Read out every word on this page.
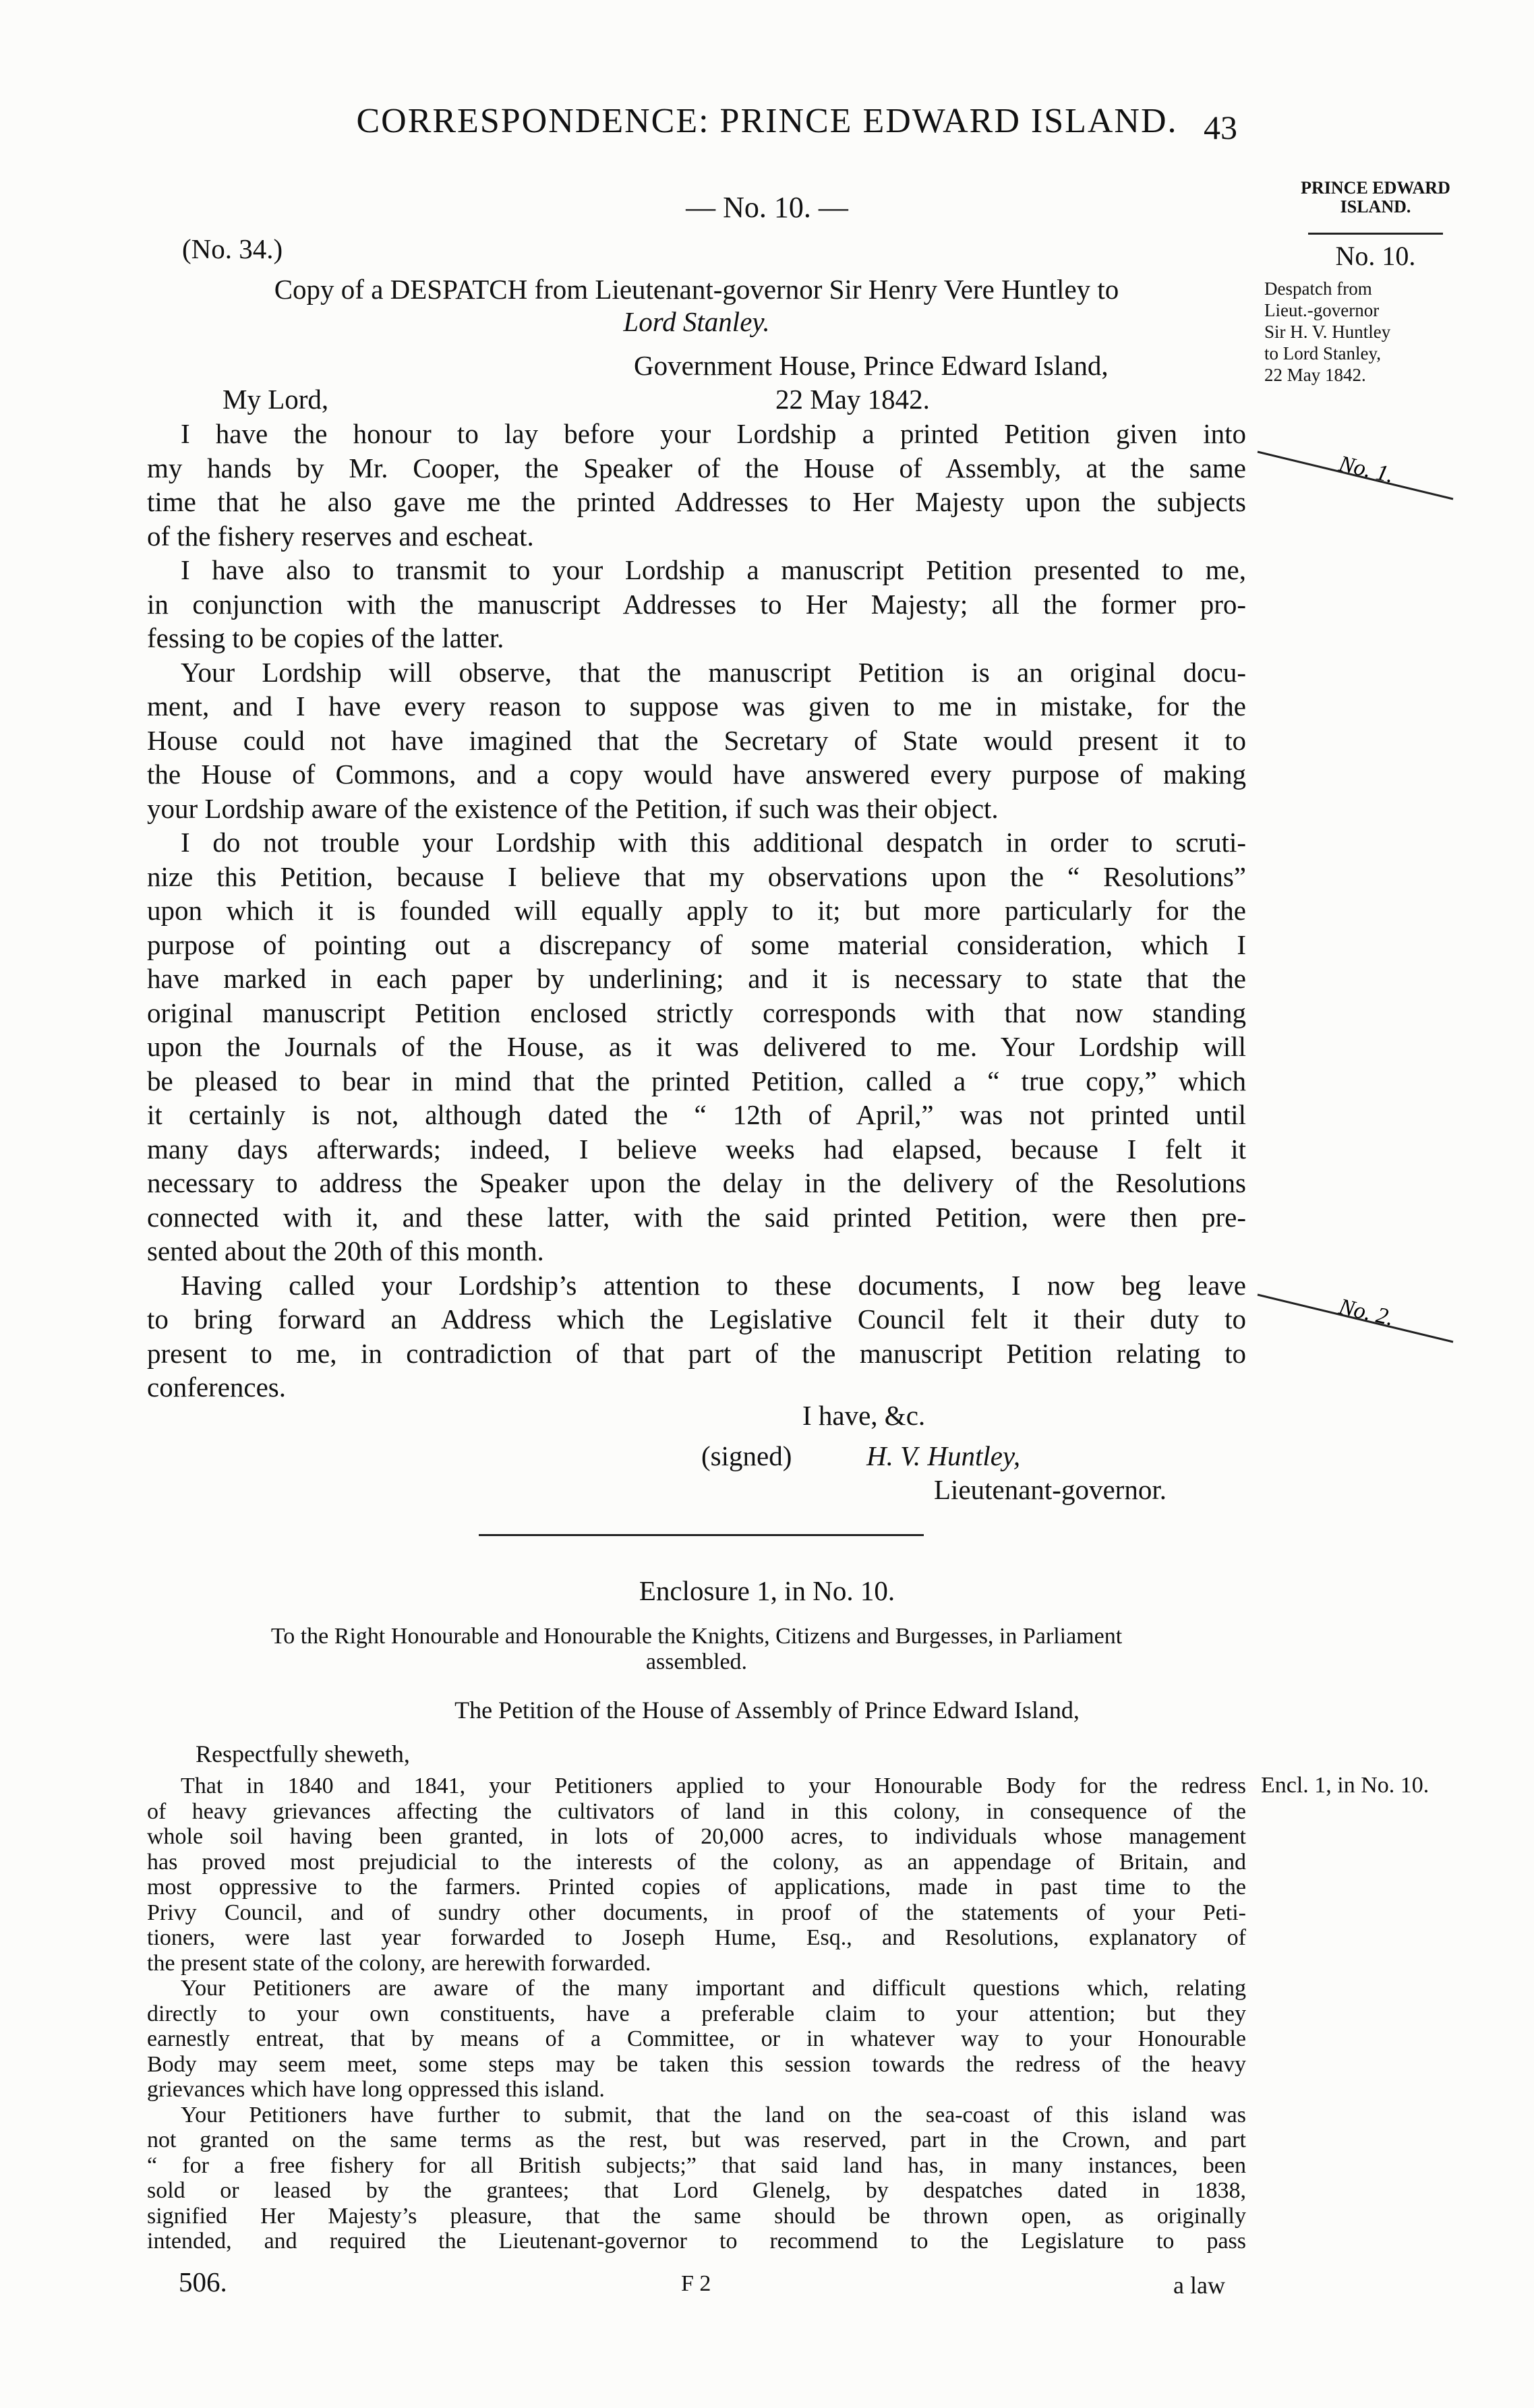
CORRESPONDENCE: PRINCE EDWARD ISLAND. 43
PRINCE EDWARD
ISLAND.
No. 10.
Despatch from
Lieut.-governor
Sir H. V. Huntley
to Lord Stanley,
22 May 1842.
No. 1.
No. 2.
Encl. 1, in No. 10.
— No. 10. —
(No. 34.)
Copy of a DESPATCH from Lieutenant-governor Sir Henry Vere Huntley to
Lord Stanley.
Government House, Prince Edward Island,
My Lord,	22 May 1842.
I have the honour to lay before your Lordship a printed Petition given into
my hands by Mr. Cooper, the Speaker of the House of Assembly, at the same
time that he also gave me the printed Addresses to Her Majesty upon the subjects
of the fishery reserves and escheat.
I have also to transmit to your Lordship a manuscript Petition presented to me,
in conjunction with the manuscript Addresses to Her Majesty; all the former pro-
fessing to be copies of the latter.
Your Lordship will observe, that the manuscript Petition is an original docu-
ment, and I have every reason to suppose was given to me in mistake, for the
House could not have imagined that the Secretary of State would present it to
the House of Commons, and a copy would have answered every purpose of making
your Lordship aware of the existence of the Petition, if such was their object.
I do not trouble your Lordship with this additional despatch in order to scruti-
nize this Petition, because I believe that my observations upon the “ Resolutions”
upon which it is founded will equally apply to it; but more particularly for the
purpose of pointing out a discrepancy of some material consideration, which I
have marked in each paper by underlining; and it is necessary to state that the
original manuscript Petition enclosed strictly corresponds with that now standing
upon the Journals of the House, as it was delivered to me. Your Lordship will
be pleased to bear in mind that the printed Petition, called a “ true copy,” which
it certainly is not, although dated the “ 12th of April,” was not printed until
many days afterwards; indeed, I believe weeks had elapsed, because I felt it
necessary to address the Speaker upon the delay in the delivery of the Resolutions
connected with it, and these latter, with the said printed Petition, were then pre-
sented about the 20th of this month.
Having called your Lordship’s attention to these documents, I now beg leave
to bring forward an Address which the Legislative Council felt it their duty to
present to me, in contradiction of that part of the manuscript Petition relating to
conferences.
I have, &c.
(signed)	H. V. Huntley,
Lieutenant-governor.
Enclosure 1, in No. 10.
To the Right Honourable and Honourable the Knights, Citizens and Burgesses, in Parliament
assembled.
The Petition of the House of Assembly of Prince Edward Island,
Respectfully sheweth,
That in 1840 and 1841, your Petitioners applied to your Honourable Body for the redress
of heavy grievances affecting the cultivators of land in this colony, in consequence of the
whole soil having been granted, in lots of 20,000 acres, to individuals whose management
has proved most prejudicial to the interests of the colony, as an appendage of Britain, and
most oppressive to the farmers. Printed copies of applications, made in past time to the
Privy Council, and of sundry other documents, in proof of the statements of your Peti-
tioners, were last year forwarded to Joseph Hume, Esq., and Resolutions, explanatory of
the present state of the colony, are herewith forwarded.
Your Petitioners are aware of the many important and difficult questions which, relating
directly to your own constituents, have a preferable claim to your attention; but they
earnestly entreat, that by means of a Committee, or in whatever way to your Honourable
Body may seem meet, some steps may be taken this session towards the redress of the heavy
grievances which have long oppressed this island.
Your Petitioners have further to submit, that the land on the sea-coast of this island was
not granted on the same terms as the rest, but was reserved, part in the Crown, and part
“ for a free fishery for all British subjects;” that said land has, in many instances, been
sold or leased by the grantees; that Lord Glenelg, by despatches dated in 1838,
signified Her Majesty’s pleasure, that the same should be thrown open, as originally
intended, and required the Lieutenant-governor to recommend to the Legislature to pass
506.	F 2	a law
